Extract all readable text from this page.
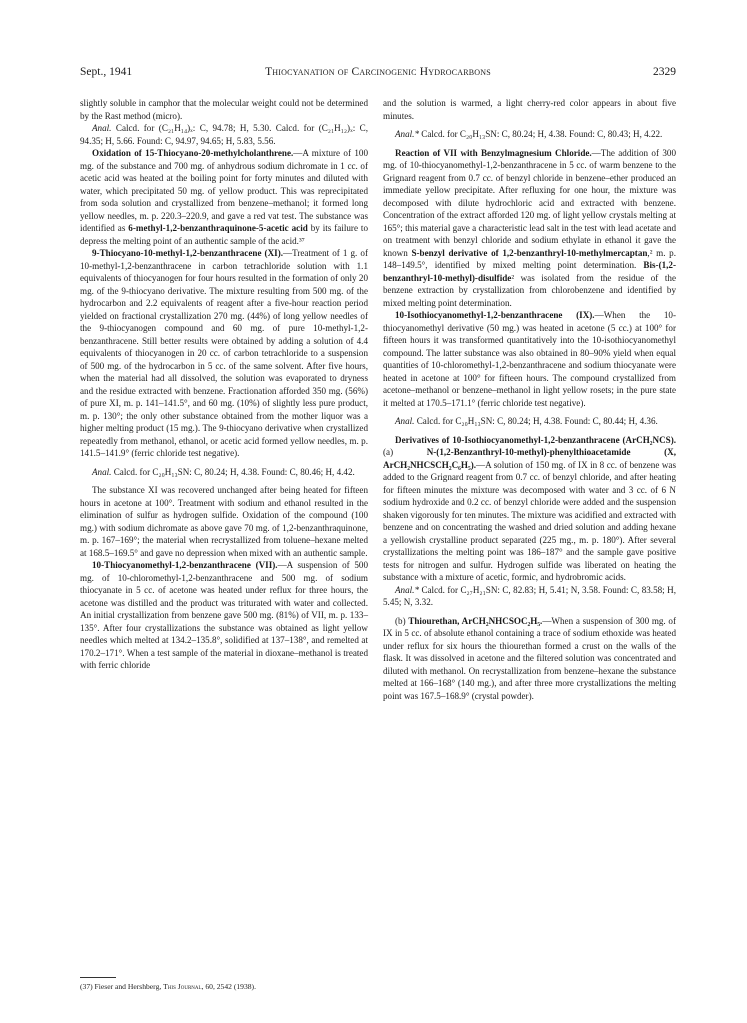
Sept., 1941	Thiocyanation of Carcinogenic Hydrocarbons	2329

slightly soluble in camphor that the molecular weight could not be determined by the Rast method (micro).

Anal. Calcd. for (C₂₁H₁₄)ₓ: C, 94.78; H, 5.30. Calcd. for (C₂₁H₁₂)ₓ: C, 94.35; H, 5.66. Found: C, 94.97, 94.65; H, 5.83, 5.56.

Oxidation of 15-Thiocyano-20-methylcholanthrene.—A mixture of 100 mg. of the substance and 700 mg. of anhydrous sodium dichromate in 1 cc. of acetic acid was heated at the boiling point for forty minutes and diluted with water, which precipitated 50 mg. of yellow product. This was reprecipitated from soda solution and crystallized from benzene–methanol; it formed long yellow needles, m. p. 220.3–220.9, and gave a red vat test. The substance was identified as 6-methyl-1,2-benzanthraquinone-5-acetic acid by its failure to depress the melting point of an authentic sample of the acid.³⁷

9-Thiocyano-10-methyl-1,2-benzanthracene (XI).—Treatment of 1 g. of 10-methyl-1,2-benzanthracene in carbon tetrachloride solution with 1.1 equivalents of thiocyanogen for four hours resulted in the formation of only 20 mg. of the 9-thiocyano derivative. The mixture resulting from 500 mg. of the hydrocarbon and 2.2 equivalents of reagent after a five-hour reaction period yielded on fractional crystallization 270 mg. (44%) of long yellow needles of the 9-thiocyanogen compound and 60 mg. of pure 10-methyl-1,2-benzanthracene. Still better results were obtained by adding a solution of 4.4 equivalents of thiocyanogen in 20 cc. of carbon tetrachloride to a suspension of 500 mg. of the hydrocarbon in 5 cc. of the same solvent. After five hours, when the material had all dissolved, the solution was evaporated to dryness and the residue extracted with benzene. Fractionation afforded 350 mg. (56%) of pure XI, m. p. 141–141.5°, and 60 mg. (10%) of slightly less pure product, m. p. 130°; the only other substance obtained from the mother liquor was a higher melting product (15 mg.). The 9-thiocyano derivative when crystallized repeatedly from methanol, ethanol, or acetic acid formed yellow needles, m. p. 141.5–141.9° (ferric chloride test negative).

Anal. Calcd. for C₂₀H₁₃SN: C, 80.24; H, 4.38. Found: C, 80.46; H, 4.42.

The substance XI was recovered unchanged after being heated for fifteen hours in acetone at 100°. Treatment with sodium and ethanol resulted in the elimination of sulfur as hydrogen sulfide. Oxidation of the compound (100 mg.) with sodium dichromate as above gave 70 mg. of 1,2-benzanthraquinone, m. p. 167–169°; the material when recrystallized from toluene–hexane melted at 168.5–169.5° and gave no depression when mixed with an authentic sample.

10-Thiocyanomethyl-1,2-benzanthracene (VII).—A suspension of 500 mg. of 10-chloromethyl-1,2-benzanthracene and 500 mg. of sodium thiocyanate in 5 cc. of acetone was heated under reflux for three hours, the acetone was distilled and the product was triturated with water and collected. An initial crystallization from benzene gave 500 mg. (81%) of VII, m. p. 133–135°. After four crystallizations the substance was obtained as light yellow needles which melted at 134.2–135.8°, solidified at 137–138°, and remelted at 170.2–171°. When a test sample of the material in dioxane–methanol is treated with ferric chloride

and the solution is warmed, a light cherry-red color appears in about five minutes.

Anal.* Calcd. for C₂₀H₁₃SN: C, 80.24; H, 4.38. Found: C, 80.43; H, 4.22.

Reaction of VII with Benzylmagnesium Chloride.—The addition of 300 mg. of 10-thiocyanomethyl-1,2-benzanthracene in 5 cc. of warm benzene to the Grignard reagent from 0.7 cc. of benzyl chloride in benzene–ether produced an immediate yellow precipitate. After refluxing for one hour, the mixture was decomposed with dilute hydrochloric acid and extracted with benzene. Concentration of the extract afforded 120 mg. of light yellow crystals melting at 165°; this material gave a characteristic lead salt in the test with lead acetate and on treatment with benzyl chloride and sodium ethylate in ethanol it gave the known S-benzyl derivative of 1,2-benzanthryl-10-methylmercaptan,² m. p. 148–149.5°, identified by mixed melting point determination. Bis-(1,2-benzanthryl-10-methyl)-disulfide² was isolated from the residue of the benzene extraction by crystallization from chlorobenzene and identified by mixed melting point determination.

10-Isothiocyanomethyl-1,2-benzanthracene (IX).—When the 10-thiocyanomethyl derivative (50 mg.) was heated in acetone (5 cc.) at 100° for fifteen hours it was transformed quantitatively into the 10-isothiocyanomethyl compound. The latter substance was also obtained in 80–90% yield when equal quantities of 10-chloromethyl-1,2-benzanthracene and sodium thiocyanate were heated in acetone at 100° for fifteen hours. The compound crystallized from acetone–methanol or benzene–methanol in light yellow rosets; in the pure state it melted at 170.5–171.1° (ferric chloride test negative).

Anal. Calcd. for C₂₀H₁₃SN: C, 80.24; H, 4.38. Found: C, 80.44; H, 4.36.

Derivatives of 10-Isothiocyanomethyl-1,2-benzanthracene (ArCH₂NCS). (a) N-(1,2-Benzanthryl-10-methyl)-phenylthioacetamide (X, ArCH₂NHCSCH₂C₆H₅).—A solution of 150 mg. of IX in 8 cc. of benzene was added to the Grignard reagent from 0.7 cc. of benzyl chloride, and after heating for fifteen minutes the mixture was decomposed with water and 3 cc. of 6 N sodium hydroxide and 0.2 cc. of benzyl chloride were added and the suspension shaken vigorously for ten minutes. The mixture was acidified and extracted with benzene and on concentrating the washed and dried solution and adding hexane a yellowish crystalline product separated (225 mg., m. p. 180°). After several crystallizations the melting point was 186–187° and the sample gave positive tests for nitrogen and sulfur. Hydrogen sulfide was liberated on heating the substance with a mixture of acetic, formic, and hydrobromic acids.

Anal.* Calcd. for C₂₇H₂₁SN: C, 82.83; H, 5.41; N, 3.58. Found: C, 83.58; H, 5.45; N, 3.32.

(b) Thiourethan, ArCH₂NHCSOC₂H₅.—When a suspension of 300 mg. of IX in 5 cc. of absolute ethanol containing a trace of sodium ethoxide was heated under reflux for six hours the thiourethan formed a crust on the walls of the flask. It was dissolved in acetone and the filtered solution was concentrated and diluted with methanol. On recrystallization from benzene–hexane the substance melted at 166–168° (140 mg.), and after three more crystallizations the melting point was 167.5–168.9° (crystal powder).

(37) Fieser and Hershberg, This Journal, 60, 2542 (1938).
